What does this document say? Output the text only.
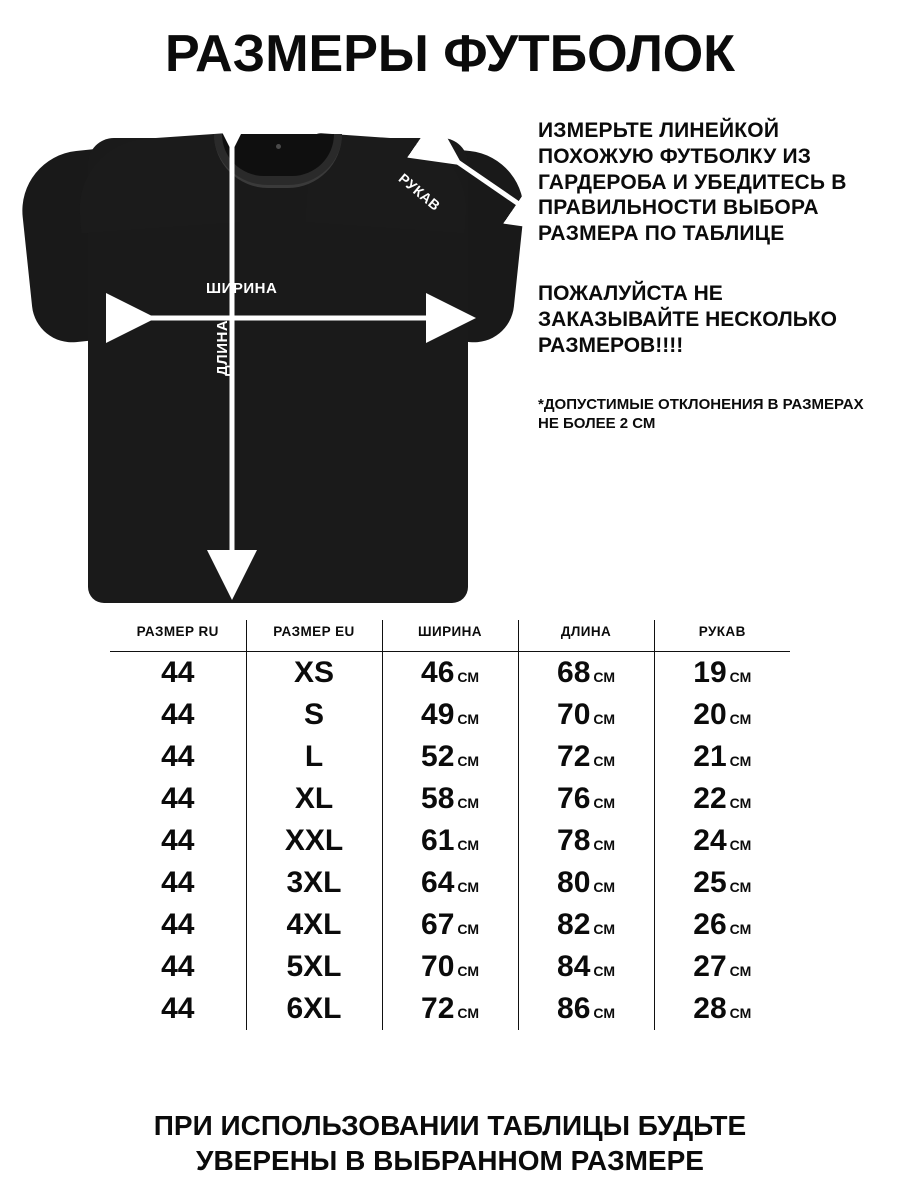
РАЗМЕРЫ ФУТБОЛОК
ШИРИНА
ДЛИНА
РУКАВ
ИЗМЕРЬТЕ ЛИНЕЙКОЙ ПОХОЖУЮ ФУТБОЛКУ ИЗ ГАРДЕРОБА И УБЕДИТЕСЬ В ПРАВИЛЬНОСТИ ВЫБОРА РАЗМЕРА ПО ТАБЛИЦЕ
ПОЖАЛУЙСТА НЕ ЗАКАЗЫВАЙТЕ НЕСКОЛЬКО РАЗМЕРОВ!!!!
*ДОПУСТИМЫЕ ОТКЛОНЕНИЯ В РАЗМЕРАХ НЕ БОЛЕЕ 2 СМ
РАЗМЕР RU	РАЗМЕР EU	ШИРИНА	ДЛИНА	РУКАВ
44	XS	46 СМ	68 СМ	19 СМ
44	S	49 СМ	70 СМ	20 СМ
44	L	52 СМ	72 СМ	21 СМ
44	XL	58 СМ	76 СМ	22 СМ
44	XXL	61 СМ	78 СМ	24 СМ
44	3XL	64 СМ	80 СМ	25 СМ
44	4XL	67 СМ	82 СМ	26 СМ
44	5XL	70 СМ	84 СМ	27 СМ
44	6XL	72 СМ	86 СМ	28 СМ
ПРИ ИСПОЛЬЗОВАНИИ ТАБЛИЦЫ БУДЬТЕ
УВЕРЕНЫ В ВЫБРАННОМ РАЗМЕРЕ
